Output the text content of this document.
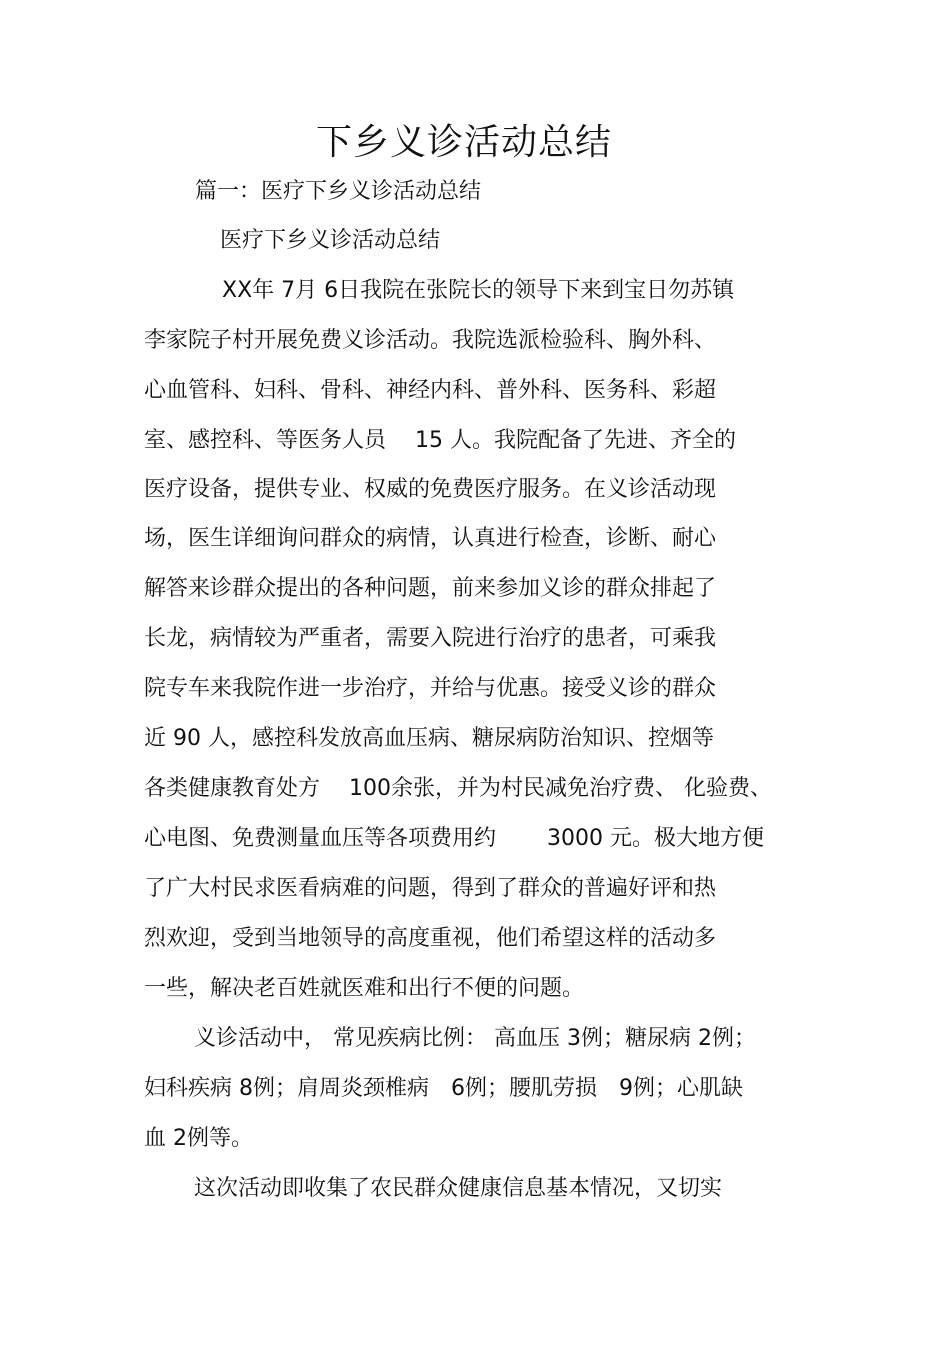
下乡义诊活动总结
篇一：医疗下乡义诊活动总结
医疗下乡义诊活动总结
XX年 7月 6日我院在张院长的领导下来到宝日勿苏镇
李家院子村开展免费义诊活动。我院选派检验科、胸外科、
心血管科、妇科、骨科、神经内科、普外科、医务科、彩超
室、感控科、等医务人员　 15 人。我院配备了先进、齐全的
医疗设备，提供专业、权威的免费医疗服务。在义诊活动现
场，医生详细询问群众的病情，认真进行检查，诊断、耐心
解答来诊群众提出的各种问题，前来参加义诊的群众排起了
长龙，病情较为严重者，需要入院进行治疗的患者，可乘我
院专车来我院作进一步治疗，并给与优惠。接受义诊的群众
近 90 人，感控科发放高血压病、糖尿病防治知识、控烟等
各类健康教育处方　 100余张，并为村民减免治疗费、 化验费、
心电图、免费测量血压等各项费用约　　 3000 元。极大地方便
了广大村民求医看病难的问题，得到了群众的普遍好评和热
烈欢迎，受到当地领导的高度重视，他们希望这样的活动多
一些，解决老百姓就医难和出行不便的问题。
义诊活动中， 常见疾病比例： 高血压 3例；糖尿病 2例；
妇科疾病 8例；肩周炎颈椎病　6例；腰肌劳损　9例；心肌缺
血 2例等。
这次活动即收集了农民群众健康信息基本情况，又切实
